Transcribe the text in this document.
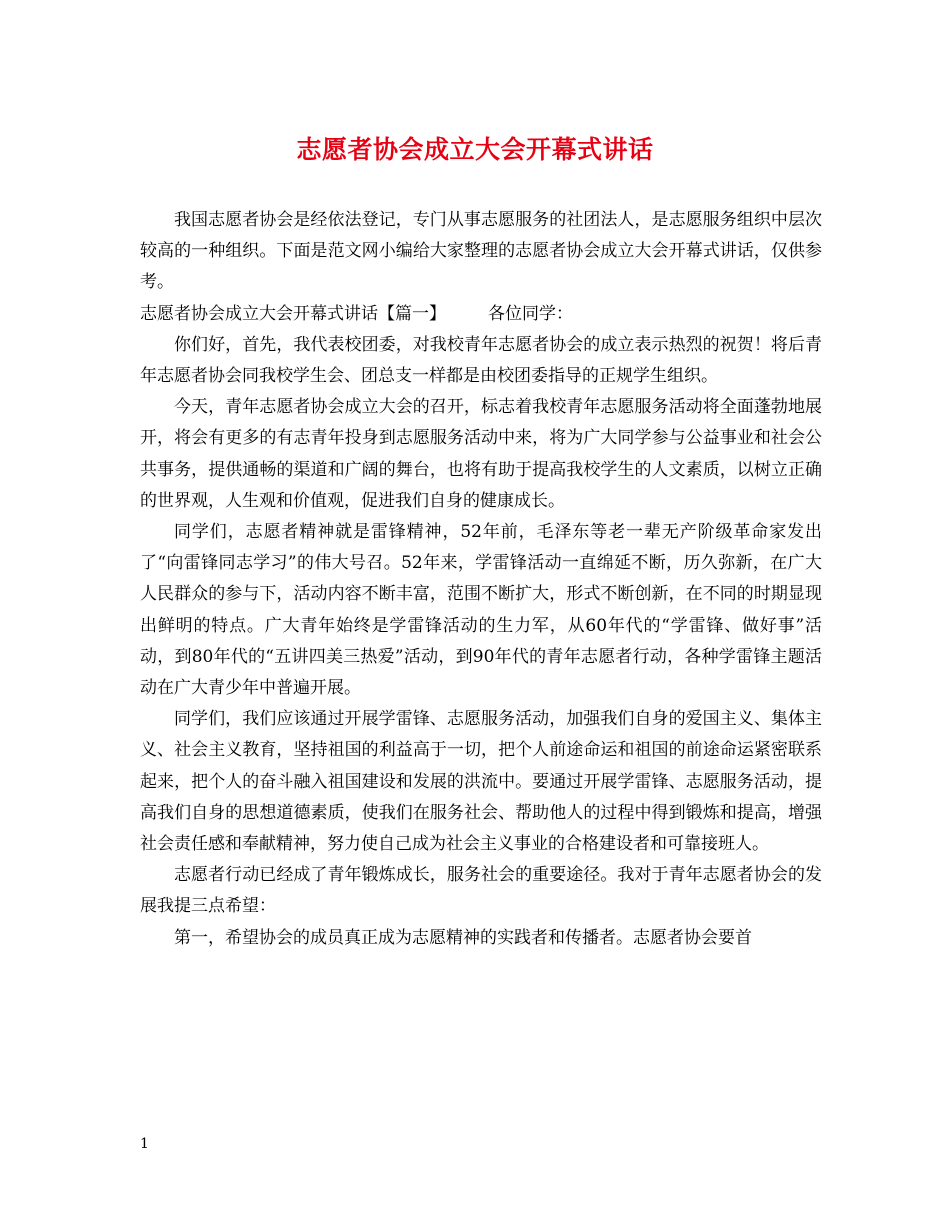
志愿者协会成立大会开幕式讲话

我国志愿者协会是经依法登记，专门从事志愿服务的社团法人，是志愿服务组织中层次较高的一种组织。下面是范文网小编给大家整理的志愿者协会成立大会开幕式讲话，仅供参考。

志愿者协会成立大会开幕式讲话【篇一】 各位同学：

你们好，首先，我代表校团委，对我校青年志愿者协会的成立表示热烈的祝贺！将后青年志愿者协会同我校学生会、团总支一样都是由校团委指导的正规学生组织。

今天，青年志愿者协会成立大会的召开，标志着我校青年志愿服务活动将全面蓬勃地展开，将会有更多的有志青年投身到志愿服务活动中来，将为广大同学参与公益事业和社会公共事务，提供通畅的渠道和广阔的舞台，也将有助于提高我校学生的人文素质，以树立正确的世界观，人生观和价值观，促进我们自身的健康成长。

同学们，志愿者精神就是雷锋精神，52年前，毛泽东等老一辈无产阶级革命家发出了“向雷锋同志学习”的伟大号召。52年来，学雷锋活动一直绵延不断，历久弥新，在广大人民群众的参与下，活动内容不断丰富，范围不断扩大，形式不断创新，在不同的时期显现出鲜明的特点。广大青年始终是学雷锋活动的生力军，从60年代的“学雷锋、做好事”活动，到80年代的“五讲四美三热爱”活动，到90年代的青年志愿者行动，各种学雷锋主题活动在广大青少年中普遍开展。

同学们，我们应该通过开展学雷锋、志愿服务活动，加强我们自身的爱国主义、集体主义、社会主义教育，坚持祖国的利益高于一切，把个人前途命运和祖国的前途命运紧密联系起来，把个人的奋斗融入祖国建设和发展的洪流中。要通过开展学雷锋、志愿服务活动，提高我们自身的思想道德素质，使我们在服务社会、帮助他人的过程中得到锻炼和提高，增强社会责任感和奉献精神，努力使自己成为社会主义事业的合格建设者和可靠接班人。

志愿者行动已经成了青年锻炼成长，服务社会的重要途径。我对于青年志愿者协会的发展我提三点希望：

第一，希望协会的成员真正成为志愿精神的实践者和传播者。志愿者协会要首

1
